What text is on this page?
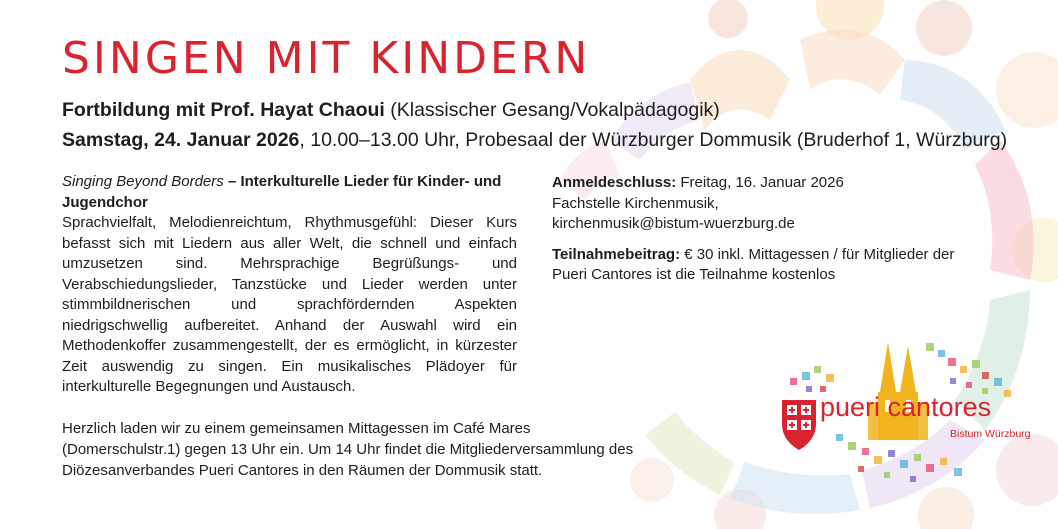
SINGEN MIT KINDERN

Fortbildung mit Prof. Hayat Chaoui (Klassischer Gesang/Vokalpädagogik)

Samstag, 24. Januar 2026, 10.00–13.00 Uhr, Probesaal der Würzburger Dommusik (Bruderhof 1, Würzburg)

Singing Beyond Borders – Interkulturelle Lieder für Kinder- und Jugendchor

Sprachvielfalt, Melodienreichtum, Rhythmusgefühl: Dieser Kurs befasst sich mit Liedern aus aller Welt, die schnell und einfach umzusetzen sind. Mehrsprachige Begrüßungs- und Verabschiedungslieder, Tanzstücke und Lieder werden unter stimmbildnerischen und sprachfördernden Aspekten niedrigschwellig aufbereitet. Anhand der Auswahl wird ein Methodenkoffer zusammengestellt, der es ermöglicht, in kürzester Zeit auswendig zu singen. Ein musikalisches Plädoyer für interkulturelle Begegnungen und Austausch.

Herzlich laden wir zu einem gemeinsamen Mittagessen im Café Mares (Domerschulstr.1) gegen 13 Uhr ein. Um 14 Uhr findet die Mitgliederversammlung des Diözesanverbandes Pueri Cantores in den Räumen der Dommusik statt.

Anmeldeschluss: Freitag, 16. Januar 2026

Fachstelle Kirchenmusik,

kirchenmusik@bistum-wuerzburg.de

Teilnahmebeitrag: € 30 inkl. Mittagessen / für Mitglieder der Pueri Cantores ist die Teilnahme kostenlos

pueri cantores
Bistum Würzburg
